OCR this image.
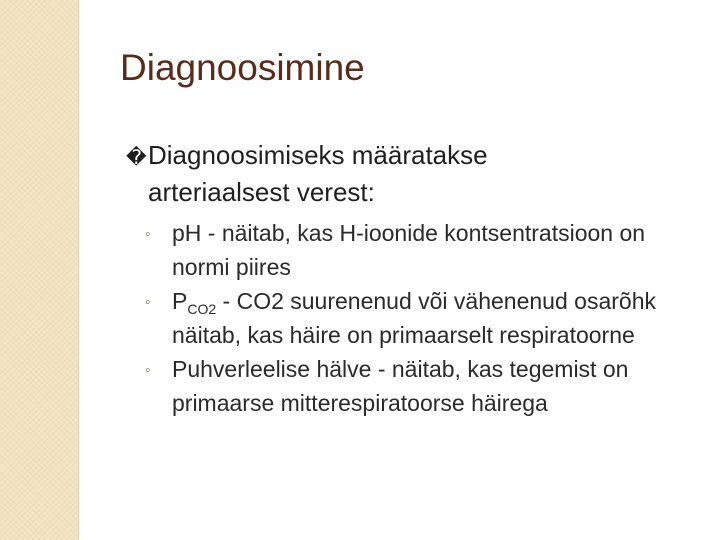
Diagnoosimine
�Diagnoosimiseks määratakse
arteriaalsest verest:
◦ pH - näitab, kas H-ioonide kontsentratsioon on normi piires
◦ $P_{CO2} - CO2$ suurenenud või vähenenud osarõhk näitab, kas häire on primaarselt respiratoorne
◦ Puhverleelise hälve - näitab, kas tegemist on primaarse mitterespiratoorse häirega
